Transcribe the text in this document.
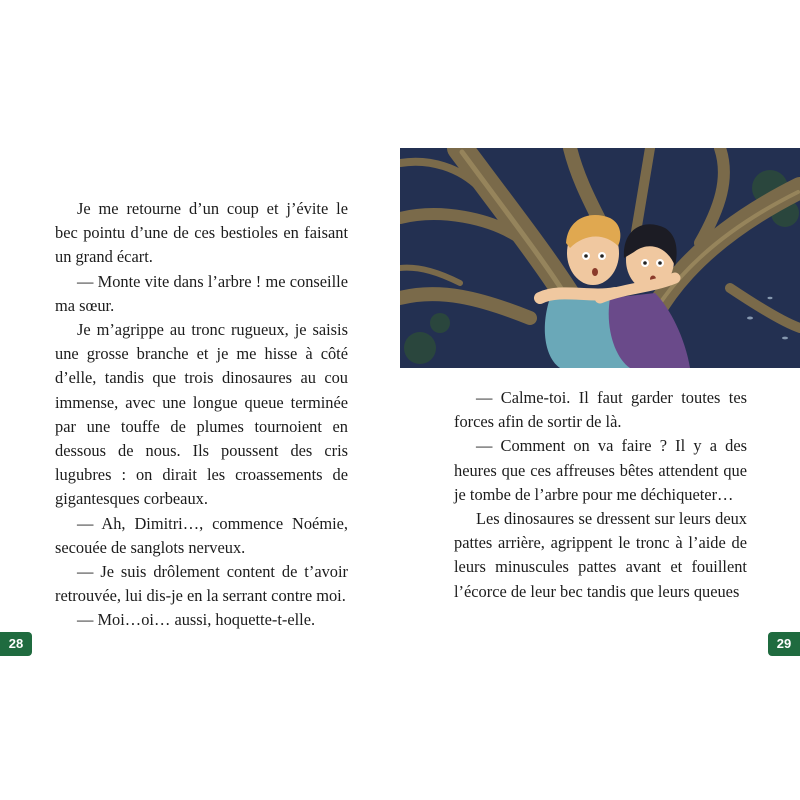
Je me retourne d’un coup et j’évite le bec pointu d’une de ces bestioles en faisant un grand écart.

— Monte vite dans l’arbre ! me conseille ma sœur.

Je m’agrippe au tronc rugueux, je saisis une grosse branche et je me hisse à côté d’elle, tandis que trois dinosaures au cou immense, avec une longue queue terminée par une touffe de plumes tournoient en dessous de nous. Ils poussent des cris lugubres : on dirait les croassements de gigantesques corbeaux.

— Ah, Dimitri…, commence Noémie, secouée de sanglots nerveux.

— Je suis drôlement content de t’avoir retrouvée, lui dis-je en la serrant contre moi.

— Moi…oi… aussi, hoquette-t-elle.

28

— Calme-toi. Il faut garder toutes tes forces afin de sortir de là.

— Comment on va faire ? Il y a des heures que ces affreuses bêtes attendent que je tombe de l’arbre pour me déchiqueter…

Les dinosaures se dressent sur leurs deux pattes arrière, agrippent le tronc à l’aide de leurs minuscules pattes avant et fouillent l’écorce de leur bec tandis que leurs queues

29
